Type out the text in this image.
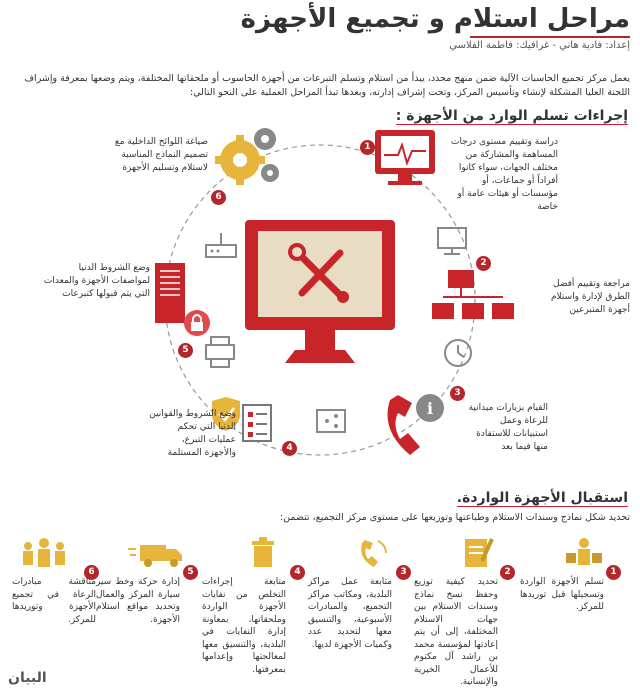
مراحل استلام و تجميع الأجهزة
إعداد: فادية هاني - غرافيك: فاطمة الفلاسي
يعمل مركز تجميع الحاسبات الآلية ضمن منهج محدد، يبدأ من استلام وتسلم التبرعات من أجهزة الحاسوب أو ملحقاتها المختلفة، ويتم وضعها بمعرفة وإشراف اللجنة العليا المشكلة لإنشاء وتأسيس المركز، وتحت إشراف إدارته، وبعدها تبدأ المراحل العملية على النحو التالي:
إجراءات تسلم الوارد من الأجهزة :
i
1
2
3
4
5
6
دراسة وتقييم مستوى درجات المساهمة والمشاركة من مختلف الجهات، سواء كانوا أفراداً أو جماعات، أو مؤسسات أو هيئات عامة أو خاصة
مراجعة وتقييم أفضل الطرق لإدارة واستلام أجهزة المتبرعين
القيام بزيارات ميدانية للرعاة وعمل استبيانات للاستفادة منها فيما بعد
وضع الشروط والقوانين الدنيا التي تحكم عمليات التبرع، والأجهزة المستلمة
وضع الشروط الدنيا لمواصفات الأجهزة والمعدات التي يتم قبولها كتبرعات
صياغة اللوائح الداخلية مع تصميم النماذج المناسبة لاستلام وتسليم الأجهزة
استقبال الأجهزة الواردة.
تحديد شكل نماذج وسندات الاستلام وطباعتها وتوزيعها على مستوى مركز التجميع، تتضمن:
1
2
3
4
5
6
تسلم الأجهزة الواردة وتسجيلها قبل توريدها للمركز.
تحديد كيفية توزيع وحفظ نسخ نماذج وسندات الاستلام بين جهات الاستلام المختلفة، إلى أن يتم إعادتها لمؤسسة محمد بن راشد آل مكتوم للأعمال الخيرية والإنسانية.
متابعة عمل مراكز البلدية، ومكاتب مراكز التجميع، والمبادرات الأسبوعية، والتنسيق معها لتحديد عدد وكميات الأجهزة لديها.
متابعة إجراءات التخلص من نفايات الأجهزة الواردة وملحقاتها، بمعاونة إدارة النفايات في البلدية، والتنسيق معها لمعالجتها وإعدامها بمعرفتها.
إدارة حركة وخط سير سيارة المركز والعمال وتحديد مواقع استلام الأجهزة.
مناقشة مبادرات الرعاة في تجميع الأجهزة وتوريدها للمركز.
البيان
